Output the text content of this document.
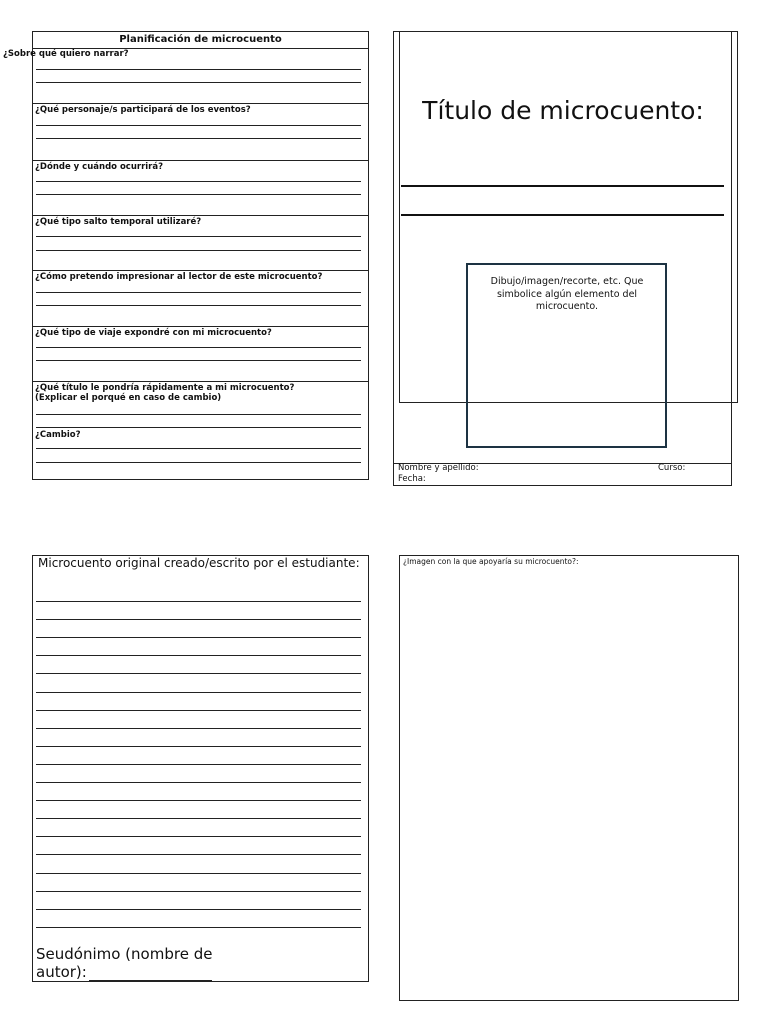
Planificación de microcuento
¿Sobre qué quiero narrar?
¿Qué personaje/s participará de los eventos?
¿Dónde y cuándo ocurrirá?
¿Qué tipo salto temporal utilizaré?
¿Cómo pretendo impresionar al lector de este microcuento?
¿Qué tipo de viaje expondré con mi microcuento?
¿Qué título le pondría rápidamente a mi microcuento?
(Explicar el porqué en caso de cambio)
¿Cambio?
Título de microcuento:
Dibujo/imagen/recorte, etc. Que simbolice algún elemento del microcuento.
Nombre y apellido:	Curso:
Fecha:
Microcuento original creado/escrito por el estudiante:
Seudónimo (nombre de autor):
¿Imagen con la que apoyaría su microcuento?:
